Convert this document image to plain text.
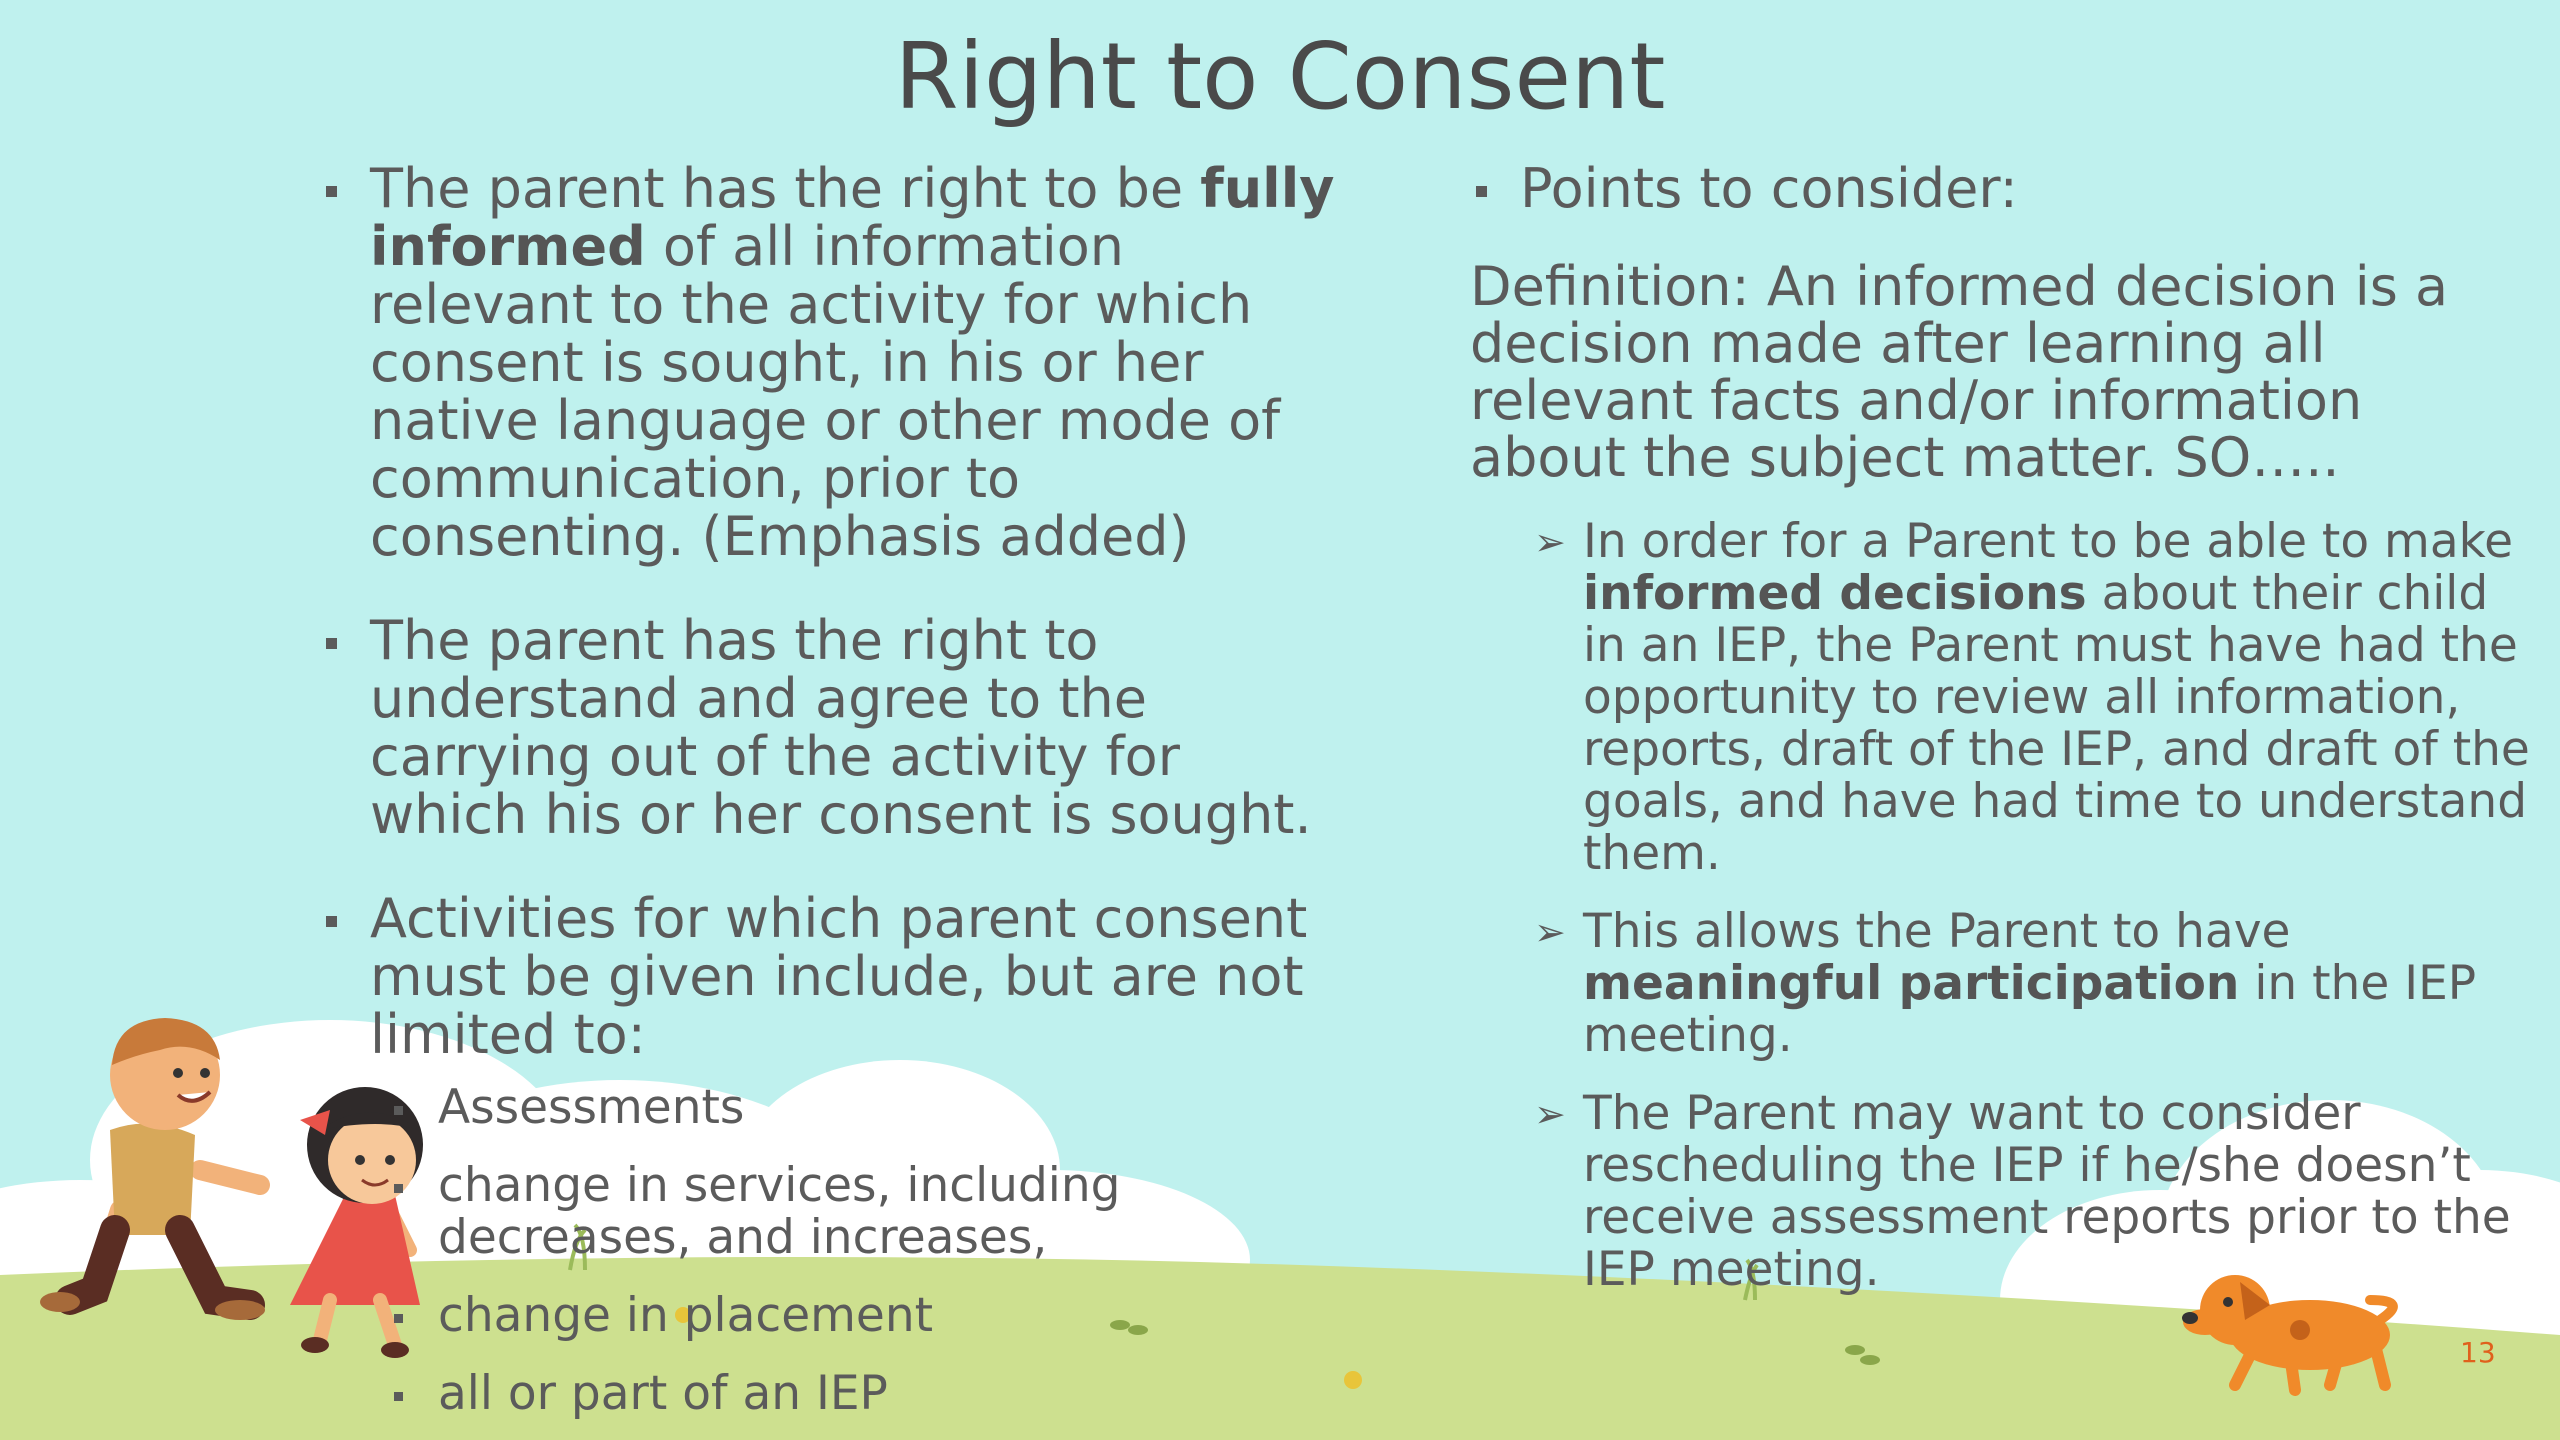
Right to Consent
The parent has the right to be fully informed of all information relevant to the activity for which consent is sought, in his or her native language or other mode of communication, prior to consenting. (Emphasis added)
The parent has the right to understand and agree to the carrying out of the activity for which his or her consent is sought.
Activities for which parent consent must be given include, but are not limited to:
Assessments
change in services, including decreases, and increases,
change in placement
all or part of an IEP
Points to consider:
Definition: An informed decision is a decision made after learning all relevant facts and/or information about the subject matter. SO…..
➢ In order for a Parent to be able to make informed decisions about their child in an IEP, the Parent must have had the opportunity to review all information, reports, draft of the IEP, and draft of the goals, and have had time to understand them.
➢ This allows the Parent to have meaningful participation in the IEP meeting.
➢ The Parent may want to consider rescheduling the IEP if he/she doesn’t receive assessment reports prior to the IEP meeting.
13
